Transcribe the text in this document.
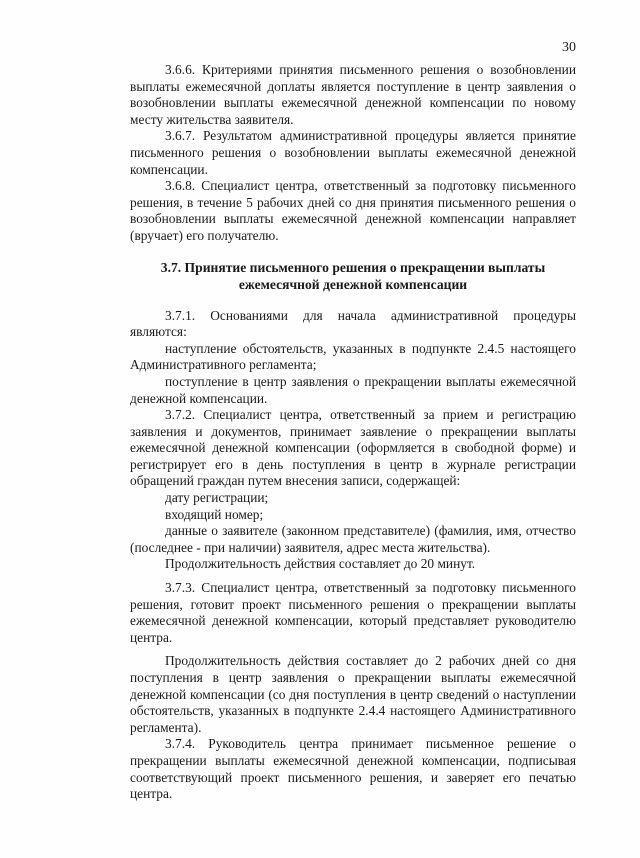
30

3.6.6. Критериями принятия письменного решения о возобновлении выплаты ежемесячной доплаты является поступление в центр заявления о возобновлении выплаты ежемесячной денежной компенсации по новому месту жительства заявителя.

3.6.7. Результатом административной процедуры является принятие письменного решения о возобновлении выплаты ежемесячной денежной компенсации.

3.6.8. Специалист центра, ответственный за подготовку письменного решения, в течение 5 рабочих дней со дня принятия письменного решения о возобновлении выплаты ежемесячной денежной компенсации направляет (вручает) его получателю.

3.7. Принятие письменного решения о прекращении выплаты ежемесячной денежной компенсации

3.7.1. Основаниями для начала административной процедуры являются:

наступление обстоятельств, указанных в подпункте 2.4.5 настоящего Административного регламента;

поступление в центр заявления о прекращении выплаты ежемесячной денежной компенсации.

3.7.2. Специалист центра, ответственный за прием и регистрацию заявления и документов, принимает заявление о прекращении выплаты ежемесячной денежной компенсации (оформляется в свободной форме) и регистрирует его в день поступления в центр в журнале регистрации обращений граждан путем внесения записи, содержащей:

дату регистрации;

входящий номер;

данные о заявителе (законном представителе) (фамилия, имя, отчество (последнее - при наличии) заявителя, адрес места жительства).

Продолжительность действия составляет до 20 минут.

3.7.3. Специалист центра, ответственный за подготовку письменного решения, готовит проект письменного решения о прекращении выплаты ежемесячной денежной компенсации, который представляет руководителю центра.

Продолжительность действия составляет до 2 рабочих дней со дня поступления в центр заявления о прекращении выплаты ежемесячной денежной компенсации (со дня поступления в центр сведений о наступлении обстоятельств, указанных в подпункте 2.4.4 настоящего Административного регламента).

3.7.4. Руководитель центра принимает письменное решение о прекращении выплаты ежемесячной денежной компенсации, подписывая соответствующий проект письменного решения, и заверяет его печатью центра.
